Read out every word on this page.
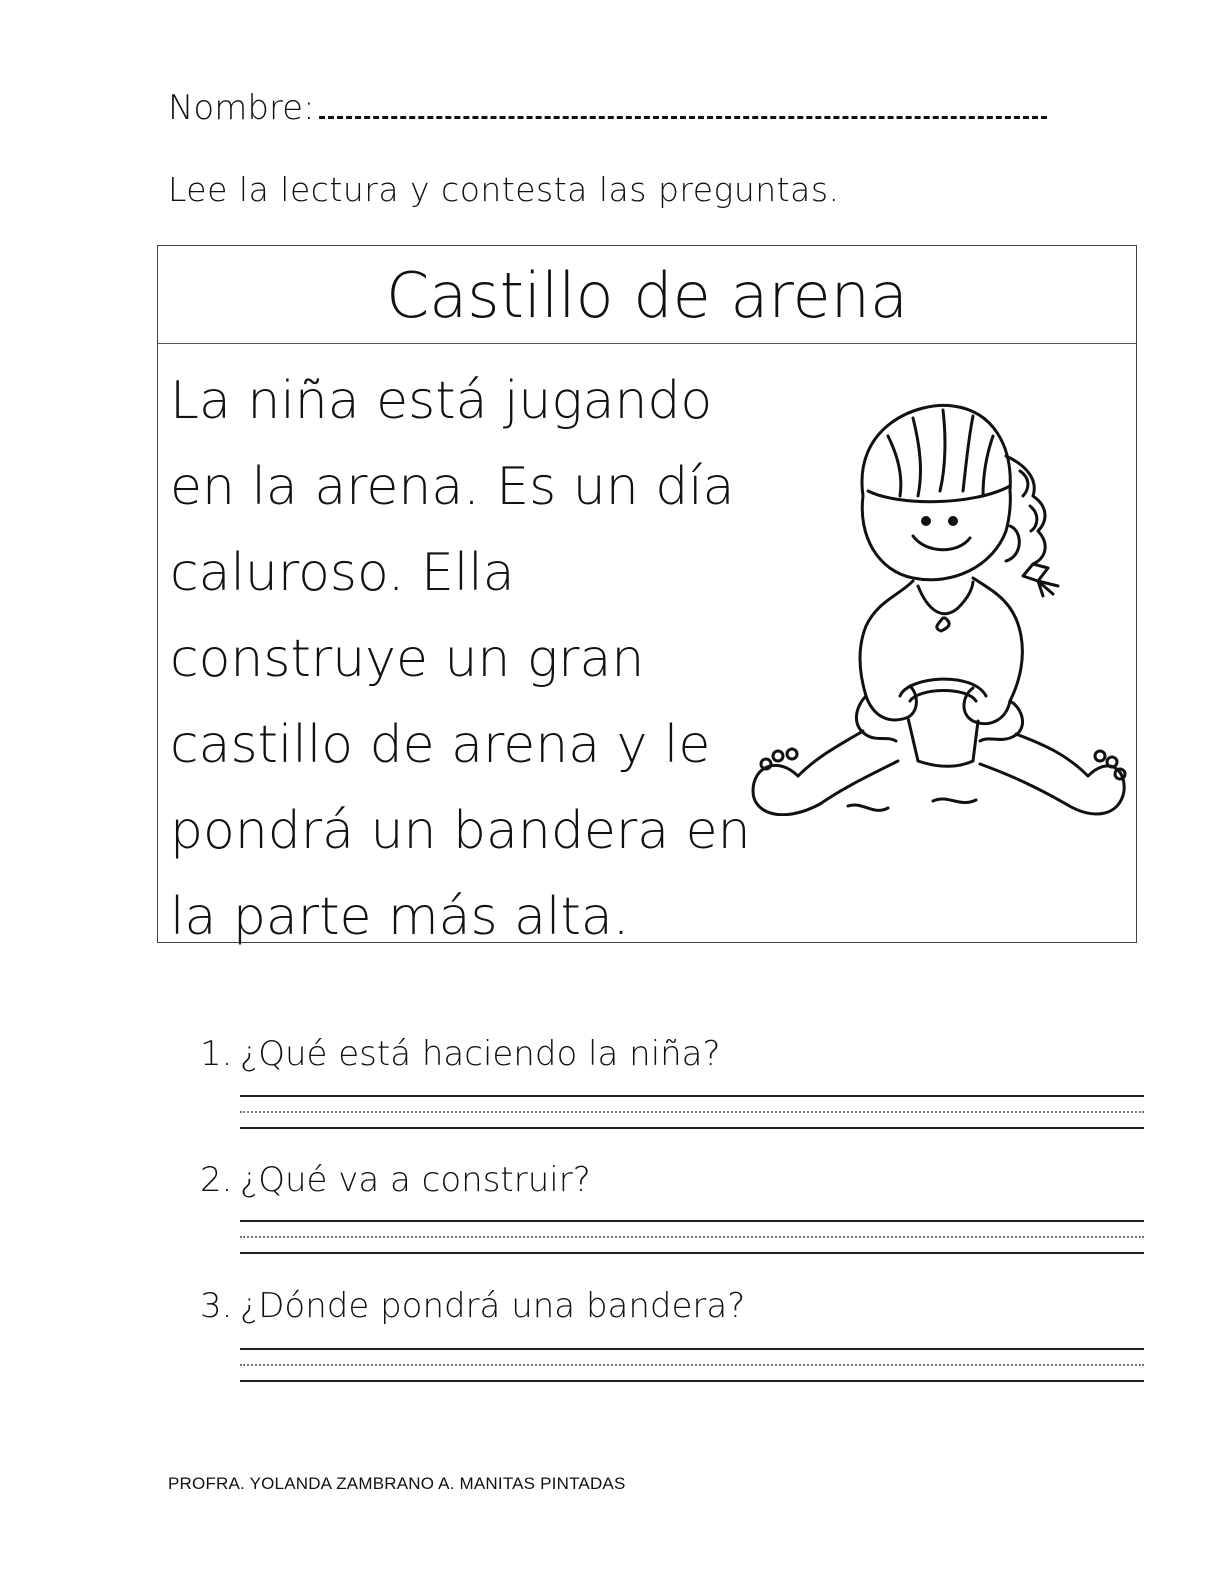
Nombre:
Lee la lectura y contesta las preguntas.
Castillo de arena
La niña está jugando
en la arena. Es un día
caluroso. Ella
construye un gran
castillo de arena y le
pondrá un bandera en
la parte más alta.
1. ¿Qué está haciendo la niña?
2. ¿Qué va a construir?
3. ¿Dónde pondrá una bandera?
PROFRA. YOLANDA ZAMBRANO A. MANITAS PINTADAS
